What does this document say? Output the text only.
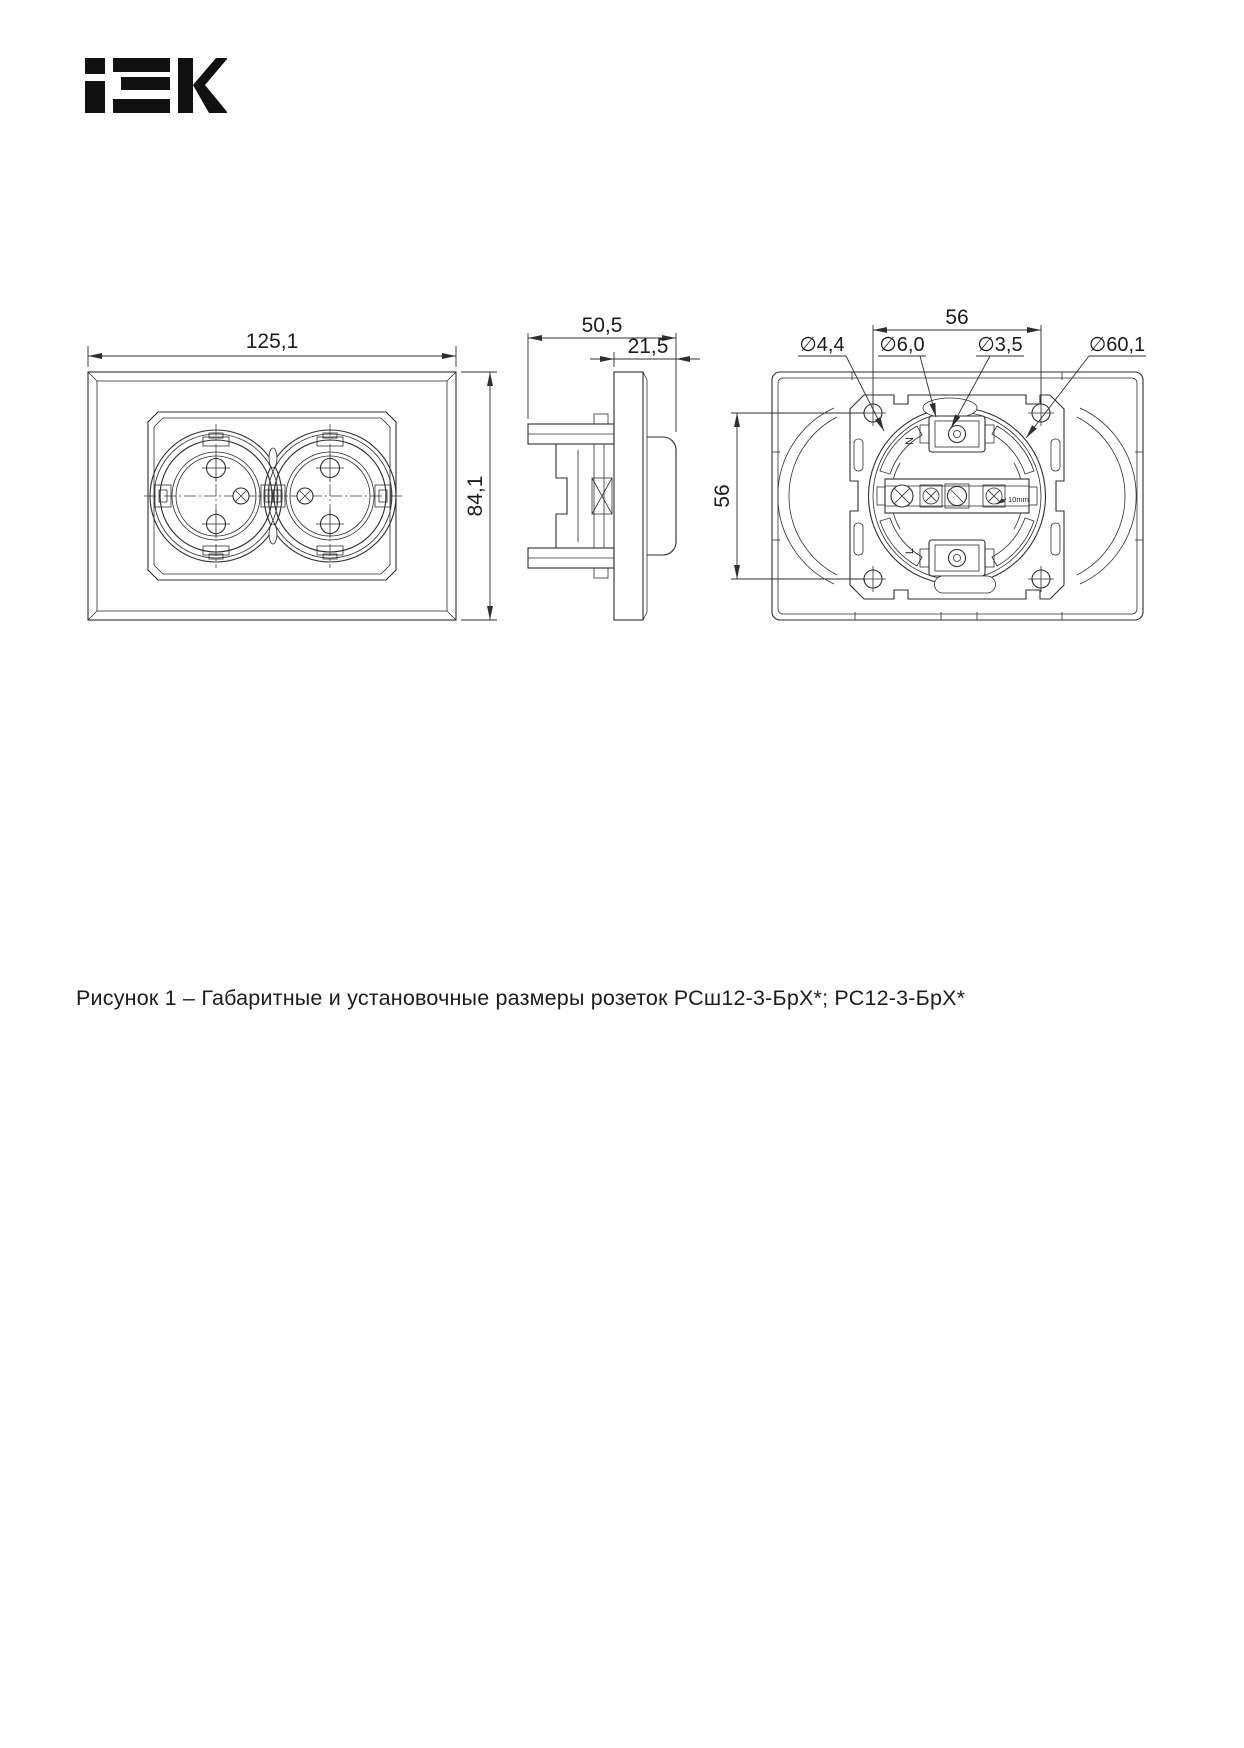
125,1
84,1
50,5
21,5
N
L
10mm
56
56
∅4,4 ∅6,0	∅3,5	∅60,1
Рисунок 1 – Габаритные и установочные размеры розеток РСш12-3-БрХ*; РС12-3-БрХ*
